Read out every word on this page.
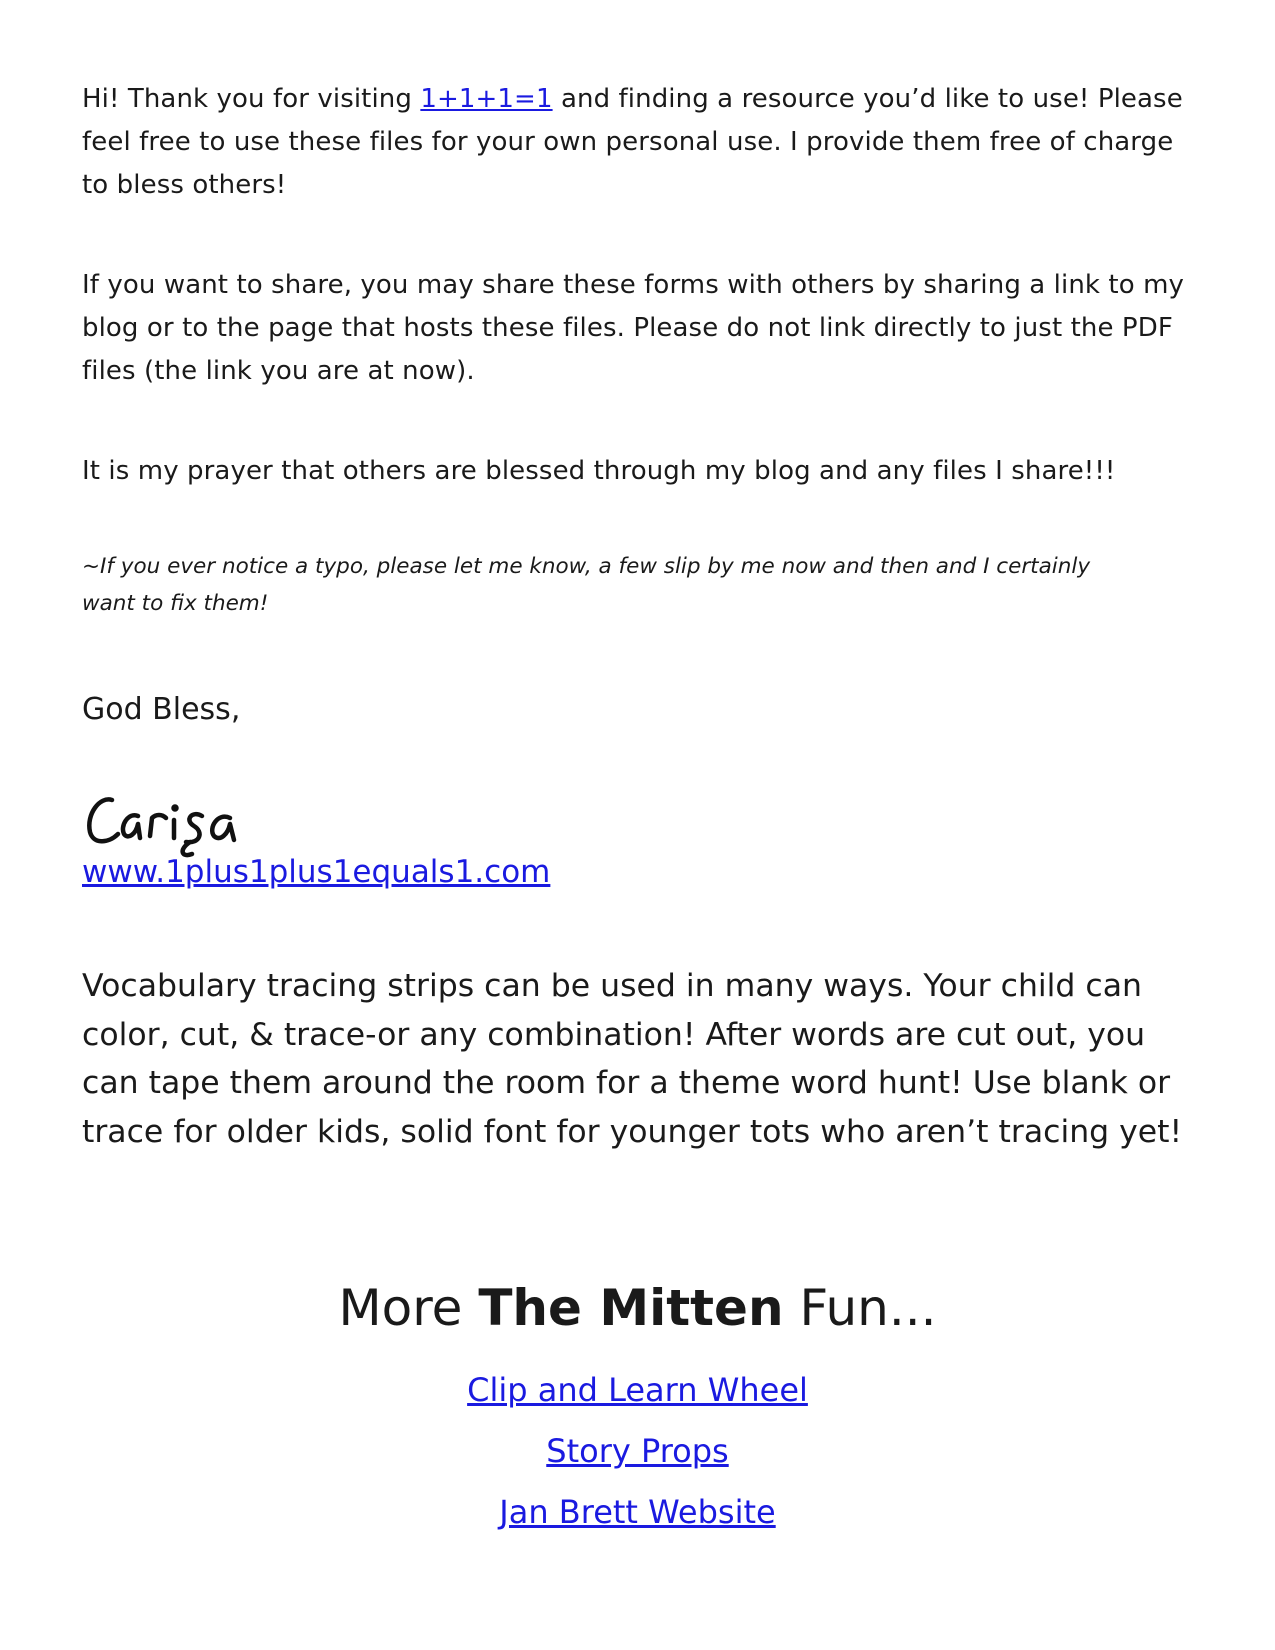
Hi! Thank you for visiting 1+1+1=1 and finding a resource you’d like to use! Please feel free to use these files for your own personal use. I provide them free of charge to bless others!
If you want to share, you may share these forms with others by sharing a link to my blog or to the page that hosts these files. Please do not link directly to just the PDF files (the link you are at now).
It is my prayer that others are blessed through my blog and any files I share!!!
~If you ever notice a typo, please let me know, a few slip by me now and then and I certainly want to fix them!
God Bless,
www.1plus1plus1equals1.com
Vocabulary tracing strips can be used in many ways. Your child can color, cut, & trace-or any combination! After words are cut out, you can tape them around the room for a theme word hunt! Use blank or trace for older kids, solid font for younger tots who aren’t tracing yet!
More The Mitten Fun...
Clip and Learn Wheel
Story Props
Jan Brett Website
